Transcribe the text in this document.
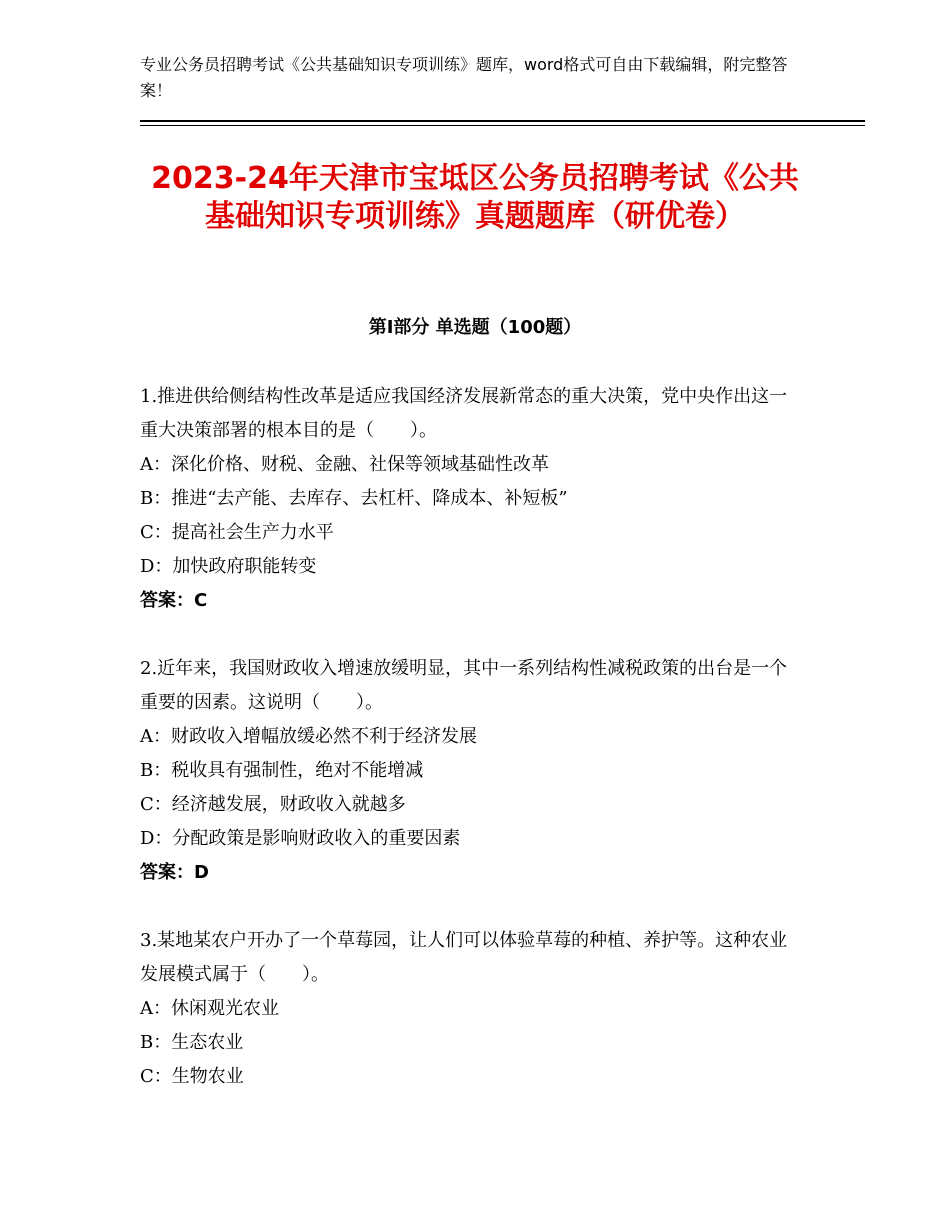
专业公务员招聘考试《公共基础知识专项训练》题库，word格式可自由下载编辑，附完整答案！
2023-24年天津市宝坻区公务员招聘考试《公共基础知识专项训练》真题题库（研优卷）
第I部分 单选题（100题）
1.推进供给侧结构性改革是适应我国经济发展新常态的重大决策，党中央作出这一重大决策部署的根本目的是（　　）。
A：深化价格、财税、金融、社保等领域基础性改革
B：推进“去产能、去库存、去杠杆、降成本、补短板”
C：提高社会生产力水平
D：加快政府职能转变
答案：C
2.近年来，我国财政收入增速放缓明显，其中一系列结构性减税政策的出台是一个重要的因素。这说明（　　）。
A：财政收入增幅放缓必然不利于经济发展
B：税收具有强制性，绝对不能增减
C：经济越发展，财政收入就越多
D：分配政策是影响财政收入的重要因素
答案：D
3.某地某农户开办了一个草莓园，让人们可以体验草莓的种植、养护等。这种农业发展模式属于（　　）。
A：休闲观光农业
B：生态农业
C：生物农业
